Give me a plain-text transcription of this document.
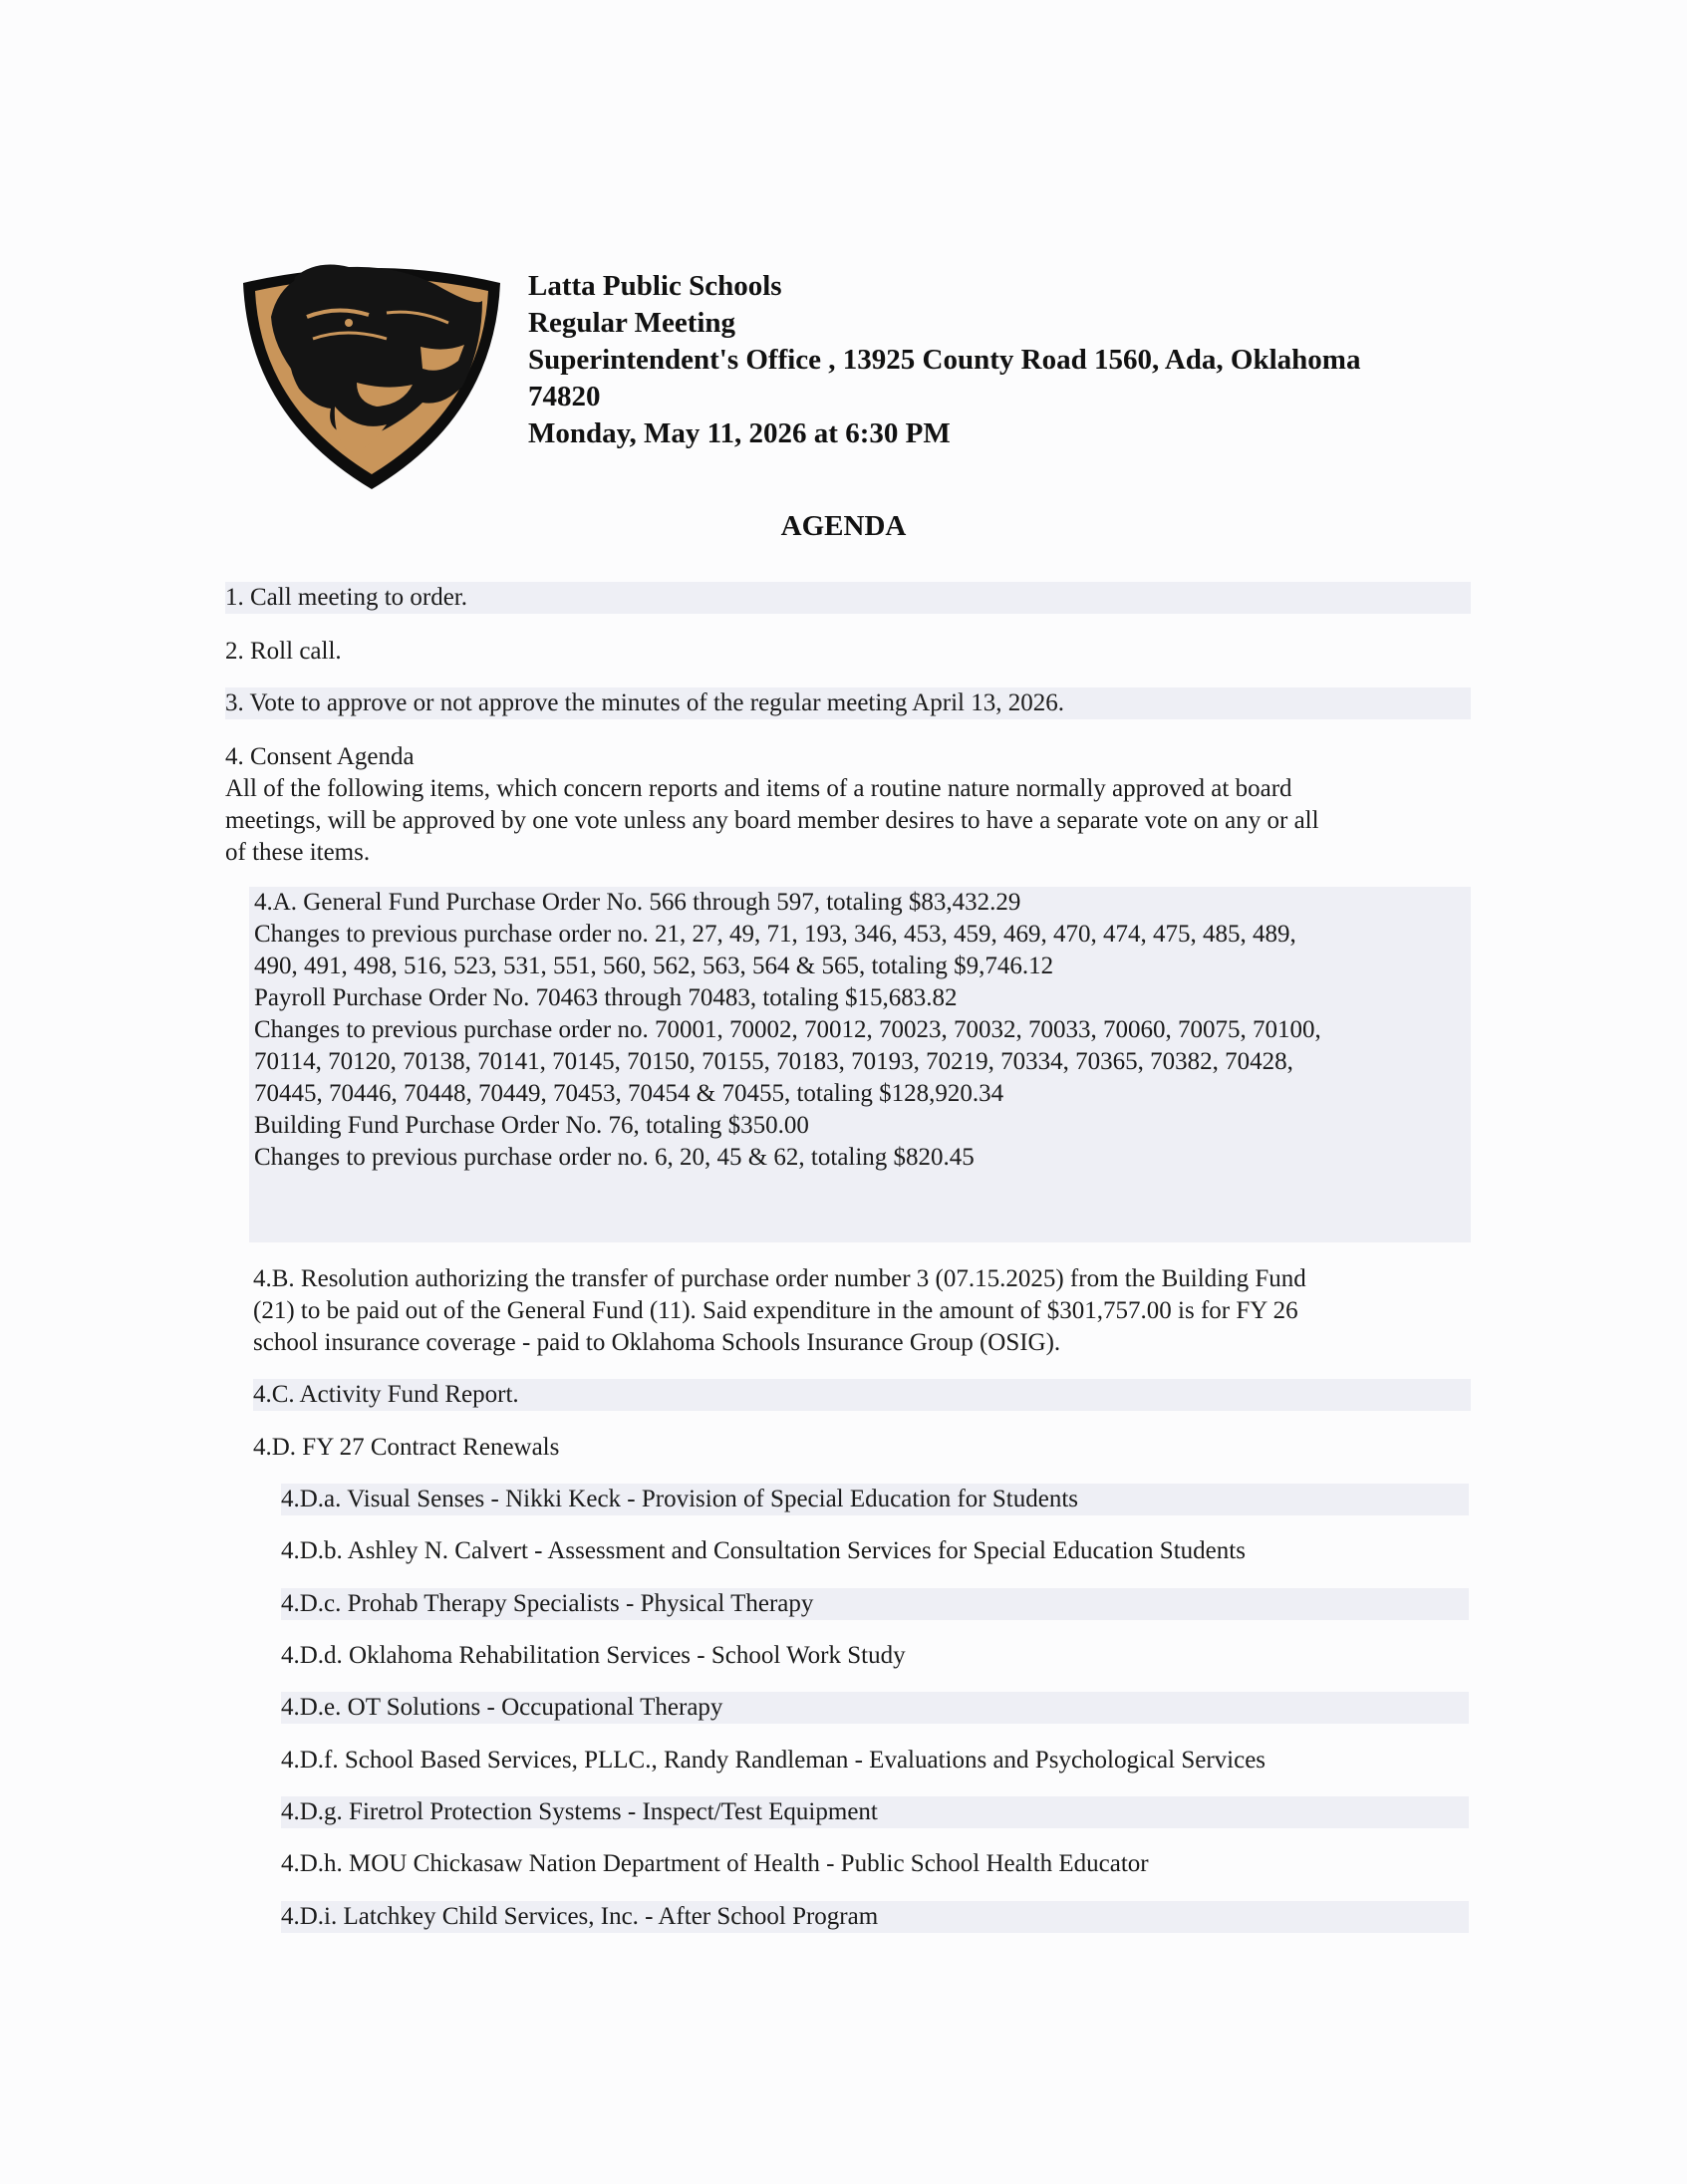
Latta Public Schools
Regular Meeting
Superintendent's Office , 13925 County Road 1560, Ada, Oklahoma
74820
Monday, May 11, 2026 at 6:30 PM
AGENDA
1. Call meeting to order.
2. Roll call.
3. Vote to approve or not approve the minutes of the regular meeting April 13, 2026.
4. Consent Agenda
All of the following items, which concern reports and items of a routine nature normally approved at board
meetings, will be approved by one vote unless any board member desires to have a separate vote on any or all
of these items.
4.A. General Fund Purchase Order No. 566 through 597, totaling $83,432.29
Changes to previous purchase order no. 21, 27, 49, 71, 193, 346, 453, 459, 469, 470, 474, 475, 485, 489,
490, 491, 498, 516, 523, 531, 551, 560, 562, 563, 564 & 565, totaling $9,746.12
Payroll Purchase Order No. 70463 through 70483, totaling $15,683.82
Changes to previous purchase order no. 70001, 70002, 70012, 70023, 70032, 70033, 70060, 70075, 70100,
70114, 70120, 70138, 70141, 70145, 70150, 70155, 70183, 70193, 70219, 70334, 70365, 70382, 70428,
70445, 70446, 70448, 70449, 70453, 70454 & 70455, totaling $128,920.34
Building Fund Purchase Order No. 76, totaling $350.00
Changes to previous purchase order no. 6, 20, 45 & 62, totaling $820.45
4.B. Resolution authorizing the transfer of purchase order number 3 (07.15.2025) from the Building Fund
(21) to be paid out of the General Fund (11). Said expenditure in the amount of $301,757.00 is for FY 26
school insurance coverage - paid to Oklahoma Schools Insurance Group (OSIG).
4.C. Activity Fund Report.
4.D. FY 27 Contract Renewals
4.D.a. Visual Senses - Nikki Keck - Provision of Special Education for Students
4.D.b. Ashley N. Calvert - Assessment and Consultation Services for Special Education Students
4.D.c. Prohab Therapy Specialists - Physical Therapy
4.D.d. Oklahoma Rehabilitation Services - School Work Study
4.D.e. OT Solutions - Occupational Therapy
4.D.f. School Based Services, PLLC., Randy Randleman - Evaluations and Psychological Services
4.D.g. Firetrol Protection Systems - Inspect/Test Equipment
4.D.h. MOU Chickasaw Nation Department of Health - Public School Health Educator
4.D.i. Latchkey Child Services, Inc. - After School Program
